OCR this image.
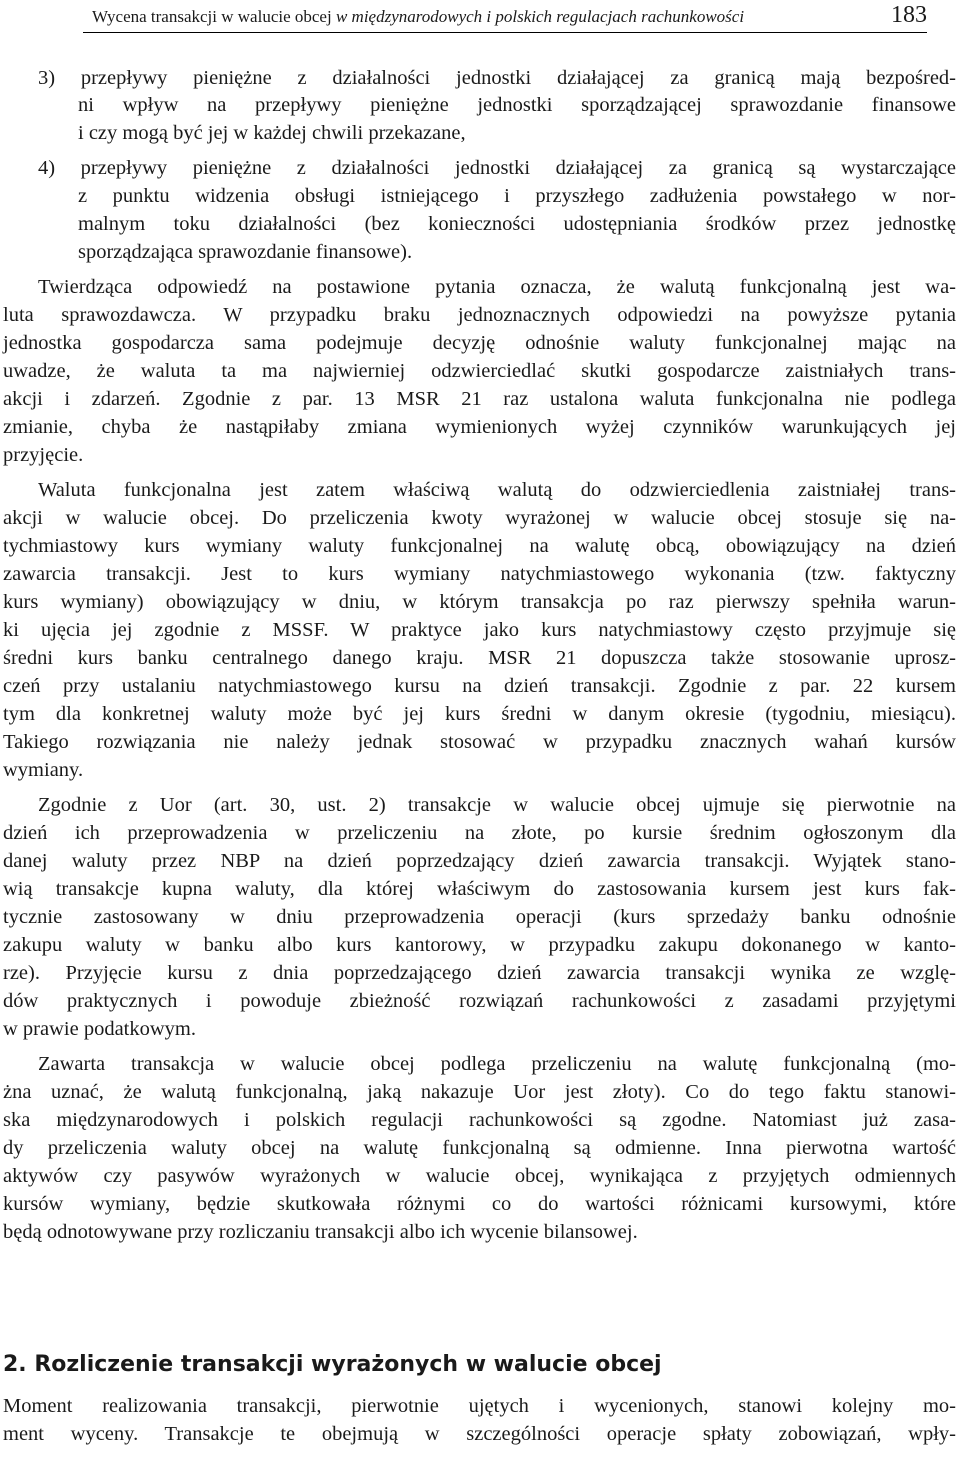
Wycena transakcji w walucie obcej w międzynarodowych i polskich regulacjach rachunkowości	183
3) przepływy pieniężne z działalności jednostki działającej za granicą mają bezpośred-
ni wpływ na przepływy pieniężne jednostki sporządzającej sprawozdanie finansowe
i czy mogą być jej w każdej chwili przekazane,
4) przepływy pieniężne z działalności jednostki działającej za granicą są wystarczające
z punktu widzenia obsługi istniejącego i przyszłego zadłużenia powstałego w nor-
malnym toku działalności (bez konieczności udostępniania środków przez jednostkę
sporządzająca sprawozdanie finansowe).
Twierdząca odpowiedź na postawione pytania oznacza, że walutą funkcjonalną jest wa-
luta sprawozdawcza. W przypadku braku jednoznacznych odpowiedzi na powyższe pytania
jednostka gospodarcza sama podejmuje decyzję odnośnie waluty funkcjonalnej mając na
uwadze, że waluta ta ma najwierniej odzwierciedlać skutki gospodarcze zaistniałych trans-
akcji i zdarzeń. Zgodnie z par. 13 MSR 21 raz ustalona waluta funkcjonalna nie podlega
zmianie, chyba że nastąpiłaby zmiana wymienionych wyżej czynników warunkujących jej
przyjęcie.
Waluta funkcjonalna jest zatem właściwą walutą do odzwierciedlenia zaistniałej trans-
akcji w walucie obcej. Do przeliczenia kwoty wyrażonej w walucie obcej stosuje się na-
tychmiastowy kurs wymiany waluty funkcjonalnej na walutę obcą, obowiązujący na dzień
zawarcia transakcji. Jest to kurs wymiany natychmiastowego wykonania (tzw. faktyczny
kurs wymiany) obowiązujący w dniu, w którym transakcja po raz pierwszy spełniła warun-
ki ujęcia jej zgodnie z MSSF. W praktyce jako kurs natychmiastowy często przyjmuje się
średni kurs banku centralnego danego kraju. MSR 21 dopuszcza także stosowanie uprosz-
czeń przy ustalaniu natychmiastowego kursu na dzień transakcji. Zgodnie z par. 22 kursem
tym dla konkretnej waluty może być jej kurs średni w danym okresie (tygodniu, miesiącu).
Takiego rozwiązania nie należy jednak stosować w przypadku znacznych wahań kursów
wymiany.
Zgodnie z Uor (art. 30, ust. 2) transakcje w walucie obcej ujmuje się pierwotnie na
dzień ich przeprowadzenia w przeliczeniu na złote, po kursie średnim ogłoszonym dla
danej waluty przez NBP na dzień poprzedzający dzień zawarcia transakcji. Wyjątek stano-
wią transakcje kupna waluty, dla której właściwym do zastosowania kursem jest kurs fak-
tycznie zastosowany w dniu przeprowadzenia operacji (kurs sprzedaży banku odnośnie
zakupu waluty w banku albo kurs kantorowy, w przypadku zakupu dokonanego w kanto-
rze). Przyjęcie kursu z dnia poprzedzającego dzień zawarcia transakcji wynika ze wzglę-
dów praktycznych i powoduje zbieżność rozwiązań rachunkowości z zasadami przyjętymi
w prawie podatkowym.
Zawarta transakcja w walucie obcej podlega przeliczeniu na walutę funkcjonalną (mo-
żna uznać, że walutą funkcjonalną, jaką nakazuje Uor jest złoty). Co do tego faktu stanowi-
ska międzynarodowych i polskich regulacji rachunkowości są zgodne. Natomiast już zasa-
dy przeliczenia waluty obcej na walutę funkcjonalną są odmienne. Inna pierwotna wartość
aktywów czy pasywów wyrażonych w walucie obcej, wynikająca z przyjętych odmiennych
kursów wymiany, będzie skutkowała różnymi co do wartości różnicami kursowymi, które
będą odnotowywane przy rozliczaniu transakcji albo ich wycenie bilansowej.
Moment realizowania transakcji, pierwotnie ujętych i wycenionych, stanowi kolejny mo-
ment wyceny. Transakcje te obejmują w szczególności operacje spłaty zobowiązań, wpły-
2. Rozliczenie transakcji wyrażonych w walucie obcej
